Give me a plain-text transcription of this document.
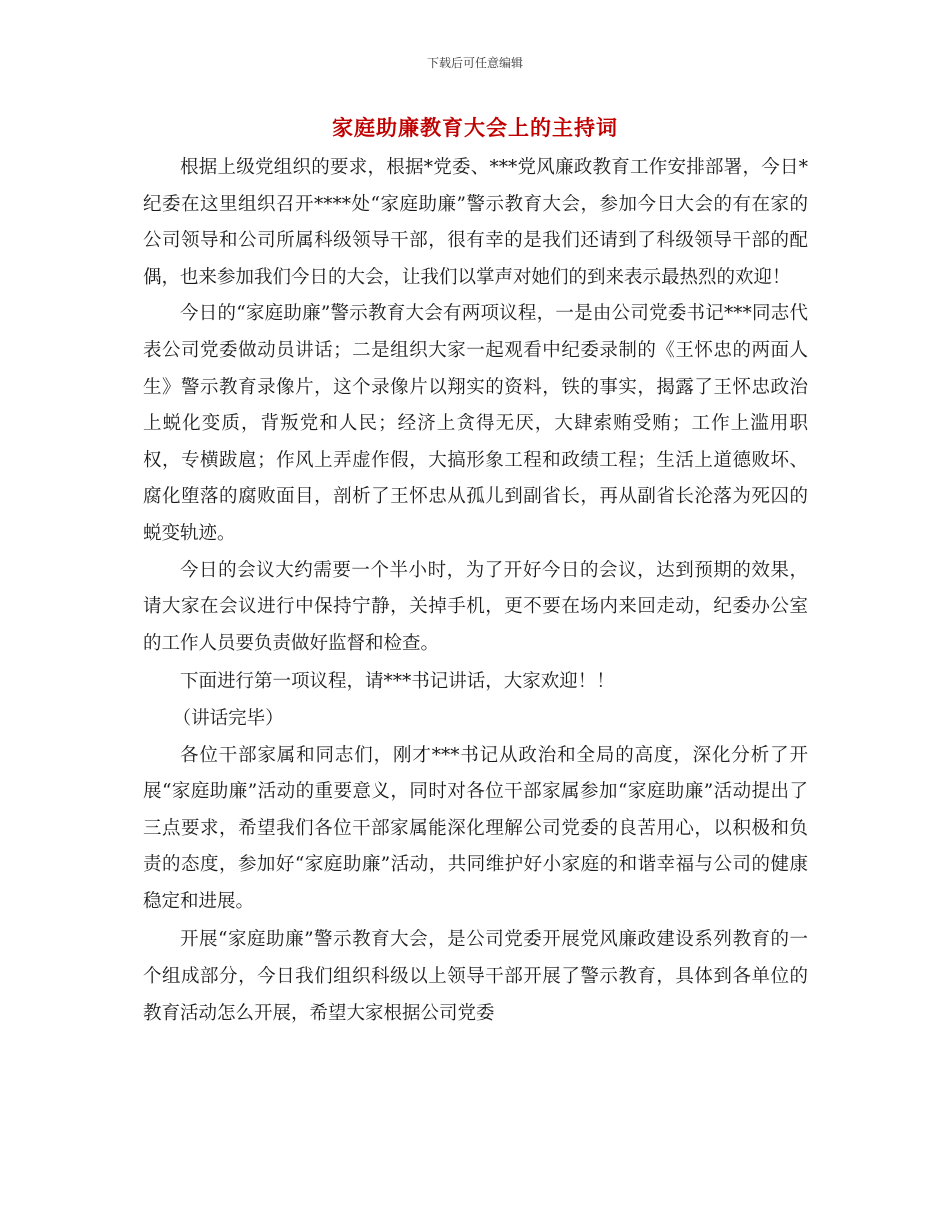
下载后可任意编辑
家庭助廉教育大会上的主持词

根据上级党组织的要求，根据*党委、***党风廉政教育工作安排部署，今日*纪委在这里组织召开****处“家庭助廉”警示教育大会，参加今日大会的有在家的公司领导和公司所属科级领导干部，很有幸的是我们还请到了科级领导干部的配偶，也来参加我们今日的大会，让我们以掌声对她们的到来表示最热烈的欢迎！

今日的“家庭助廉”警示教育大会有两项议程，一是由公司党委书记***同志代表公司党委做动员讲话；二是组织大家一起观看中纪委录制的《王怀忠的两面人生》警示教育录像片，这个录像片以翔实的资料，铁的事实，揭露了王怀忠政治上蜕化变质，背叛党和人民；经济上贪得无厌，大肆索贿受贿；工作上滥用职权，专横跋扈；作风上弄虚作假，大搞形象工程和政绩工程；生活上道德败坏、腐化堕落的腐败面目，剖析了王怀忠从孤儿到副省长，再从副省长沦落为死囚的蜕变轨迹。

今日的会议大约需要一个半小时，为了开好今日的会议，达到预期的效果，请大家在会议进行中保持宁静，关掉手机，更不要在场内来回走动，纪委办公室的工作人员要负责做好监督和检查。

下面进行第一项议程，请***书记讲话，大家欢迎！！

（讲话完毕）

各位干部家属和同志们，刚才***书记从政治和全局的高度，深化分析了开展“家庭助廉”活动的重要意义，同时对各位干部家属参加“家庭助廉”活动提出了三点要求，希望我们各位干部家属能深化理解公司党委的良苦用心，以积极和负责的态度，参加好“家庭助廉”活动，共同维护好小家庭的和谐幸福与公司的健康稳定和进展。

开展“家庭助廉”警示教育大会，是公司党委开展党风廉政建设系列教育的一个组成部分，今日我们组织科级以上领导干部开展了警示教育，具体到各单位的教育活动怎么开展，希望大家根据公司党委
